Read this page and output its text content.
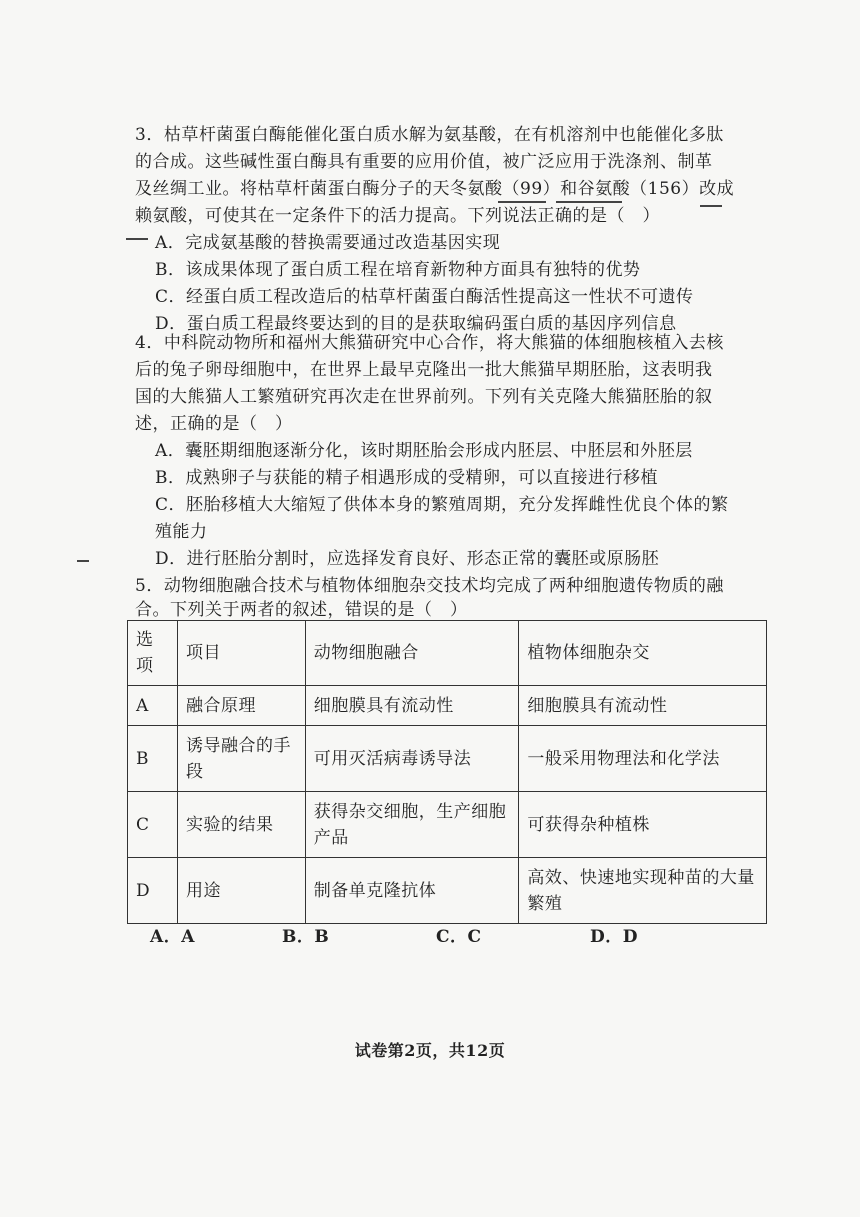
3．枯草杆菌蛋白酶能催化蛋白质水解为氨基酸，在有机溶剂中也能催化多肽
的合成。这些碱性蛋白酶具有重要的应用价值，被广泛应用于洗涤剂、制革
及丝绸工业。将枯草杆菌蛋白酶分子的天冬氨酸（99）和谷氨酸（156）改成
赖氨酸，可使其在一定条件下的活力提高。下列说法正确的是（　）
A．完成氨基酸的替换需要通过改造基因实现
B．该成果体现了蛋白质工程在培育新物种方面具有独特的优势
C．经蛋白质工程改造后的枯草杆菌蛋白酶活性提高这一性状不可遗传
D．蛋白质工程最终要达到的目的是获取编码蛋白质的基因序列信息
4．中科院动物所和福州大熊猫研究中心合作，将大熊猫的体细胞核植入去核
后的兔子卵母细胞中，在世界上最早克隆出一批大熊猫早期胚胎，这表明我
国的大熊猫人工繁殖研究再次走在世界前列。下列有关克隆大熊猫胚胎的叙
述，正确的是（　）
A．囊胚期细胞逐渐分化，该时期胚胎会形成内胚层、中胚层和外胚层
B．成熟卵子与获能的精子相遇形成的受精卵，可以直接进行移植
C．胚胎移植大大缩短了供体本身的繁殖周期，充分发挥雌性优良个体的繁
殖能力
D．进行胚胎分割时，应选择发育良好、形态正常的囊胚或原肠胚
5．动物细胞融合技术与植物体细胞杂交技术均完成了两种细胞遗传物质的融
合。下列关于两者的叙述，错误的是（　）
选项	项目	动物细胞融合	植物体细胞杂交
A	融合原理	细胞膜具有流动性	细胞膜具有流动性
B	诱导融合的手段	可用灭活病毒诱导法	一般采用物理法和化学法
C	实验的结果	获得杂交细胞，生产细胞产品	可获得杂种植株
D	用途	制备单克隆抗体	高效、快速地实现种苗的大量繁殖
A．A	B．B	C．C	D．D
试卷第2页，共12页
